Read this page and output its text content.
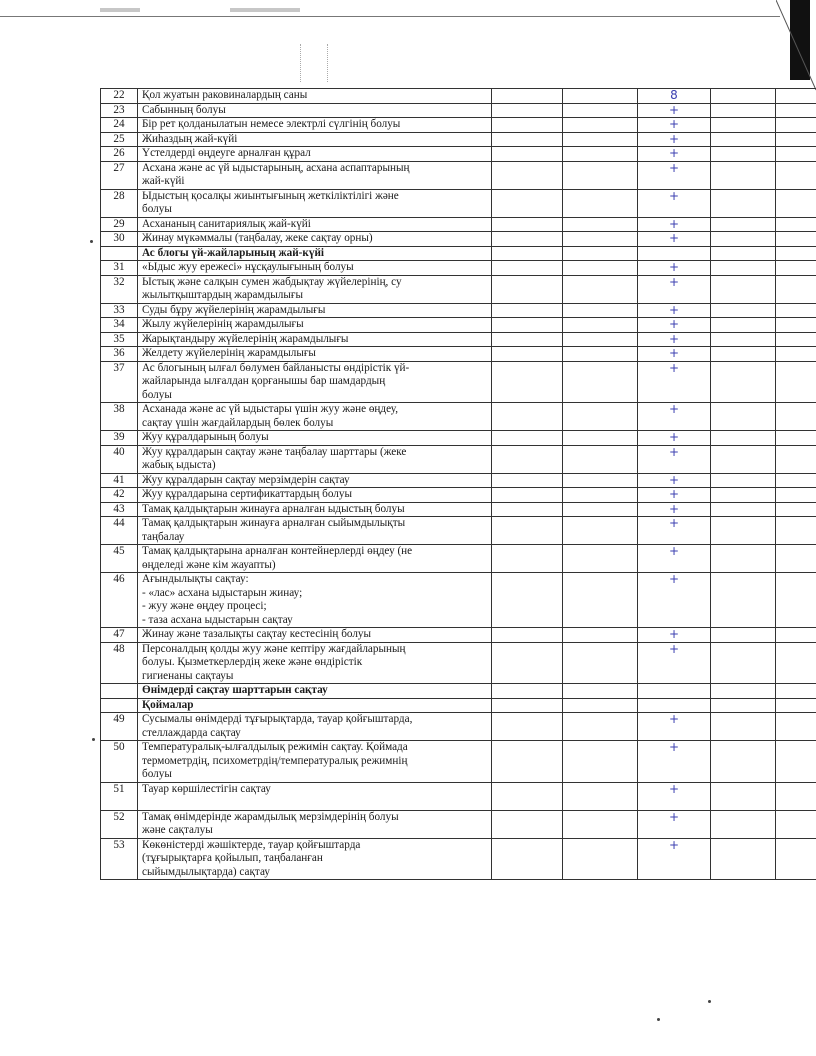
22	Қол жуатын раковиналардың саны			8		
23	Сабынның болуы			+		
24	Бір рет қолданылатын немесе электрлі сүлгінің болуы			+		
25	Жиһаздың жай-күйі			+		
26	Үстелдерді өңдеуге арналған құрал			+		
27	Асхана және ас үй ыдыстарының, асхана аспаптарының
жай-күйі			+		
28	Ыдыстың қосалқы жиынтығының жеткіліктілігі және
болуы			+		
29	Асхананың санитариялық жай-күйі			+		
30	Жинау мүкәммалы (таңбалау, жеке сақтау орны)			+		

	Ас блогы үй-жайларының жай-күйі					

31	«Ыдыс жуу ережесі» нұсқаулығының болуы			+		
32	Ыстық және салқын сумен жабдықтау жүйелерінің, су
жылытқыштардың жарамдылығы			+		
33	Суды бұру жүйелерінің жарамдылығы			+		
34	Жылу жүйелерінің жарамдылығы			+		
35	Жарықтандыру жүйелерінің жарамдылығы			+		
36	Желдету жүйелерінің жарамдылығы			+		
37	Ас блогының ылғал бөлумен байланысты өндірістік үй-
жайларында ылғалдан қорғанышы бар шамдардың
болуы			+		
38	Асханада және ас үй ыдыстары үшін жуу және өңдеу,
сақтау үшін жағдайлардың бөлек болуы			+		
39	Жуу құралдарының болуы			+		
40	Жуу құралдарын сақтау және таңбалау шарттары (жеке
жабық ыдыста)			+		
41	Жуу құралдарын сақтау мерзімдерін сақтау			+		
42	Жуу құралдарына сертификаттардың болуы			+		
43	Тамақ қалдықтарын жинауға арналған ыдыстың болуы			+		
44	Тамақ қалдықтарын жинауға арналған сыйымдылықты
таңбалау			+		
45	Тамақ қалдықтарына арналған контейнерлерді өңдеу (не
өңделеді және кім жауапты)			+		
46	Ағындылықты сақтау:
- «лас» асхана ыдыстарын жинау;
- жуу және өңдеу процесі;
- таза асхана ыдыстарын сақтау			+		
47	Жинау және тазалықты сақтау кестесінің болуы			+		
48	Персоналдың қолды жуу және кептіру жағдайларының
болуы. Қызметкерлердің жеке және өндірістік
гигиенаны сақтауы			+		

	Өнімдерді сақтау шарттарын сақтау					

	Қоймалар					

49	Сусымалы өнімдерді тұғырықтарда, тауар қойғыштарда,
стеллаждарда сақтау			+		
50	Температуралық-ылғалдылық режимін сақтау. Қоймада
термометрдің, психометрдің/температуралық режимнің
болуы			+		
51	Тауар көршілестігін сақтау			+		
52	Тамақ өнімдерінде жарамдылық мерзімдерінің болуы
және сақталуы			+		
53	Көкөністерді жәшіктерде, тауар қойғыштарда
(тұғырықтарға қойылып, таңбаланған
сыйымдылықтарда) сақтау			+		
